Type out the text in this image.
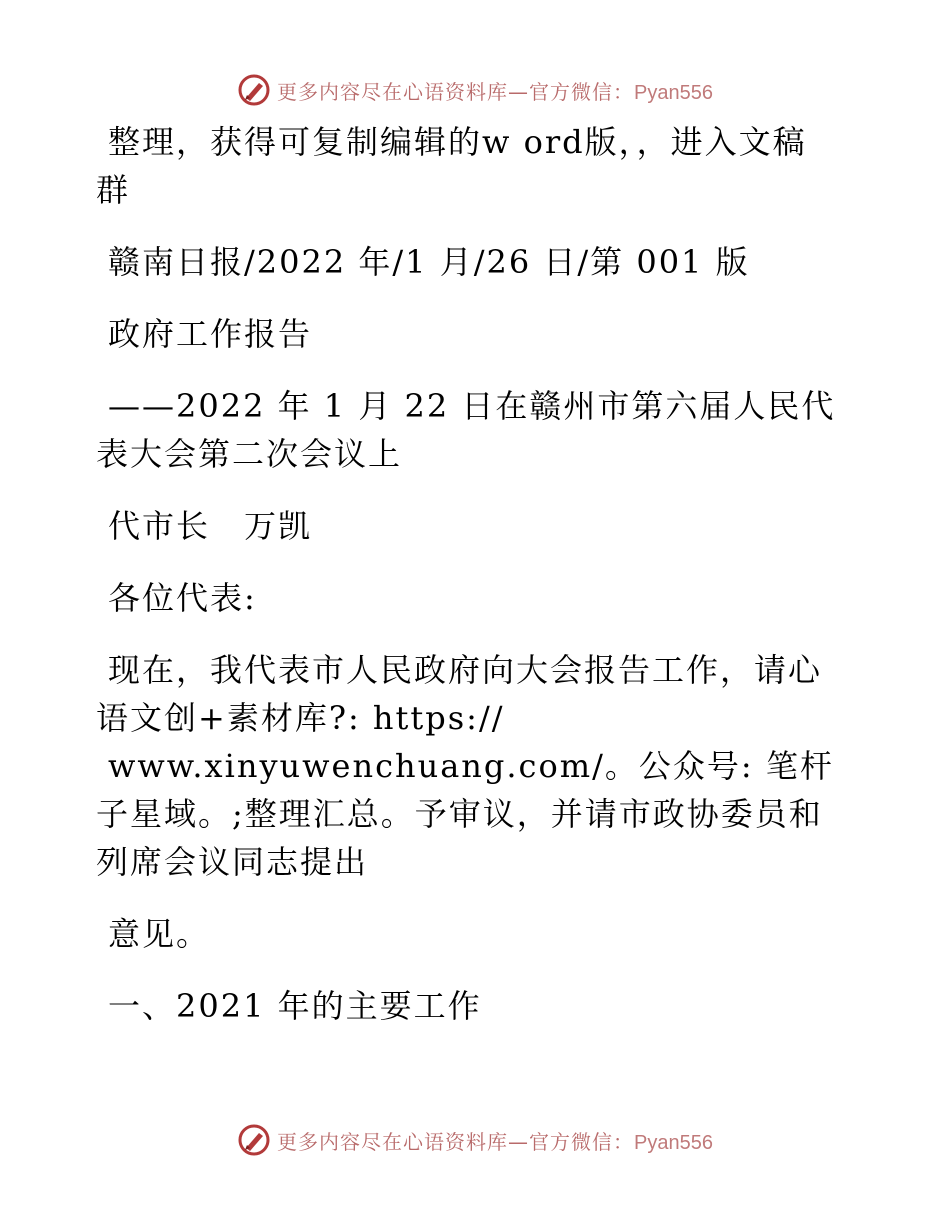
更多内容尽在心语资料库—官方微信：Pyan556

整理，获得可复制编辑的w ord版，，进入文稿群

赣南日报/2022 年/1 月/26 日/第 001 版

政府工作报告

——2022 年 1 月 22 日在赣州市第六届人民代表大会第二次会议上

代市长　万凯

各位代表:

现在，我代表市人民政府向大会报告工作，请心语文创+素材库?: https://

www.xinyuwenchuang.com/。公众号: 笔杆子星域。;整理汇总。予审议，并请市政协委员和列席会议同志提出

意见。

一、2021 年的主要工作

更多内容尽在心语资料库—官方微信：Pyan556
